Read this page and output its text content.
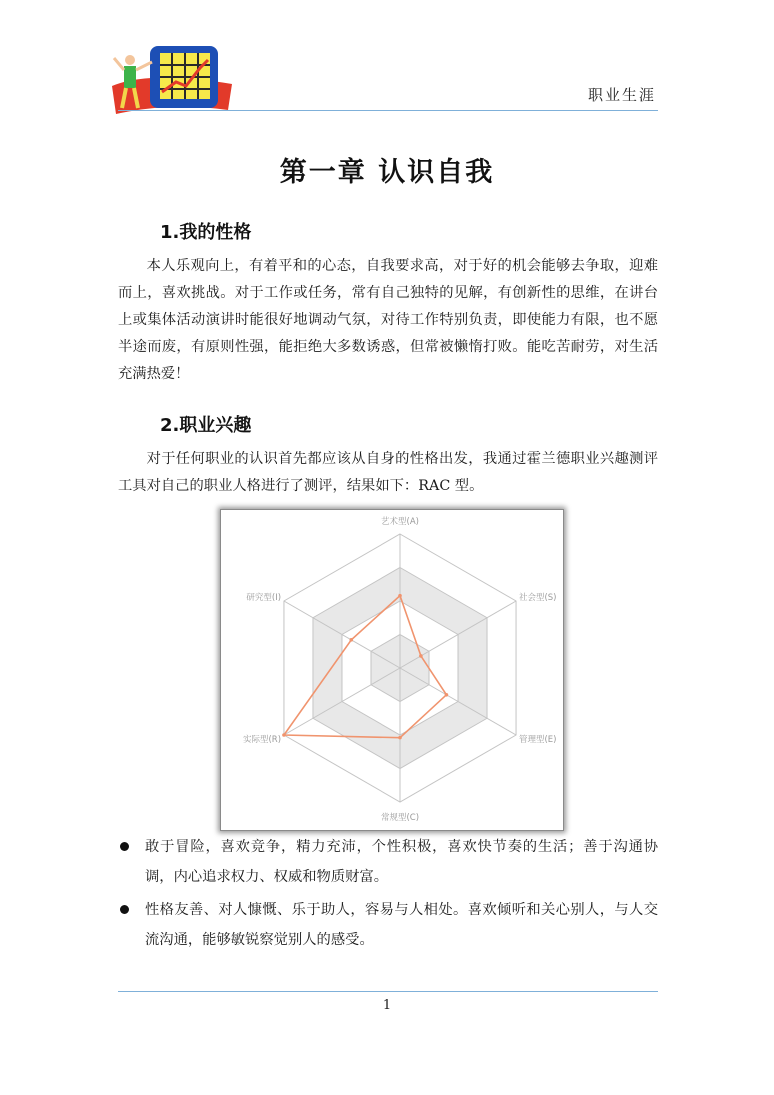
职业生涯
第一章 认识自我
1.我的性格

本人乐观向上，有着平和的心态，自我要求高，对于好的机会能够去争取，迎难而上，喜欢挑战。对于工作或任务，常有自己独特的见解，有创新性的思维，在讲台上或集体活动演讲时能很好地调动气氛，对待工作特别负责，即使能力有限，也不愿半途而废，有原则性强，能拒绝大多数诱惑，但常被懒惰打败。能吃苦耐劳，对生活充满热爱！

2.职业兴趣

对于任何职业的认识首先都应该从自身的性格出发，我通过霍兰德职业兴趣测评工具对自己的职业人格进行了测评，结果如下：RAC 型。

艺术型(A)
社会型(S)
管理型(E)
常规型(C)
实际型(R)
研究型(I)
敢于冒险，喜欢竞争，精力充沛，个性积极，喜欢快节奏的生活；善于沟通协调，内心追求权力、权威和物质财富。
性格友善、对人慷慨、乐于助人，容易与人相处。喜欢倾听和关心别人，与人交流沟通，能够敏锐察觉别人的感受。
1
